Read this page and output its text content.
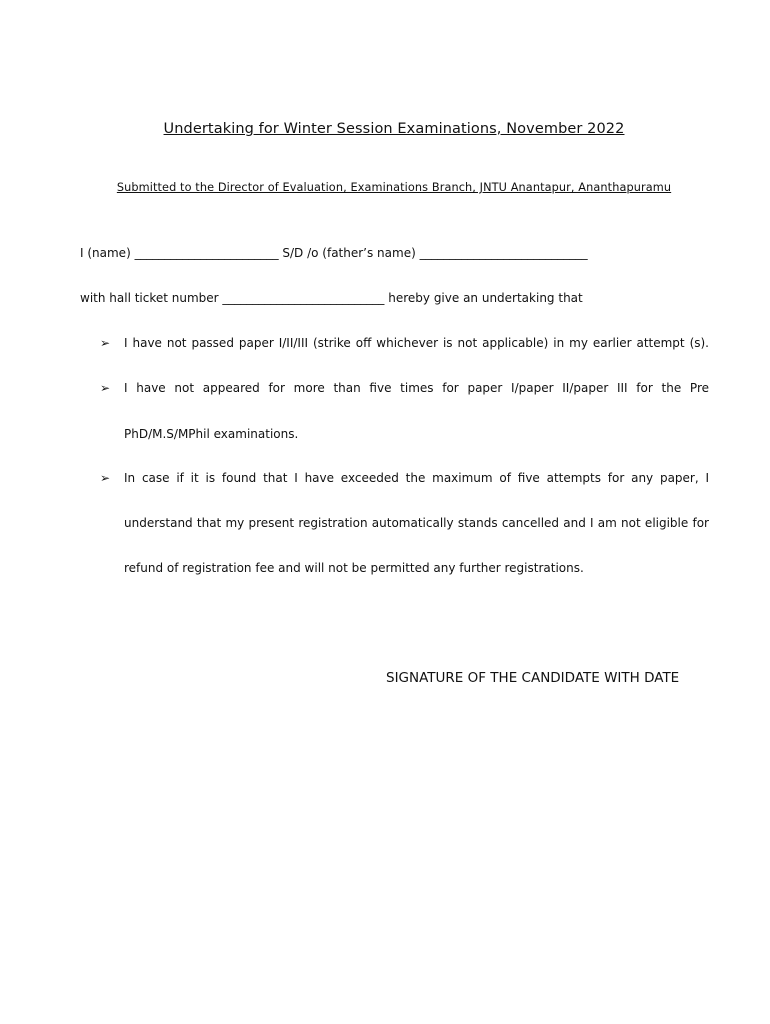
Undertaking for Winter Session Examinations, November 2022
Submitted to the Director of Evaluation, Examinations Branch, JNTU Anantapur, Ananthapuramu
I (name) ________________________ S/D /o (father’s name) ____________________________
with hall ticket number ___________________________ hereby give an undertaking that
➢ I have not passed paper I/II/III (strike off whichever is not applicable) in my earlier attempt (s).
➢ I have not appeared for more than five times for paper I/paper II/paper III for the Pre
PhD/M.S/MPhil examinations.
➢ In case if it is found that I have exceeded the maximum of five attempts for any paper, I
understand that my present registration automatically stands cancelled and I am not eligible for
refund of registration fee and will not be permitted any further registrations.
SIGNATURE OF THE CANDIDATE WITH DATE
